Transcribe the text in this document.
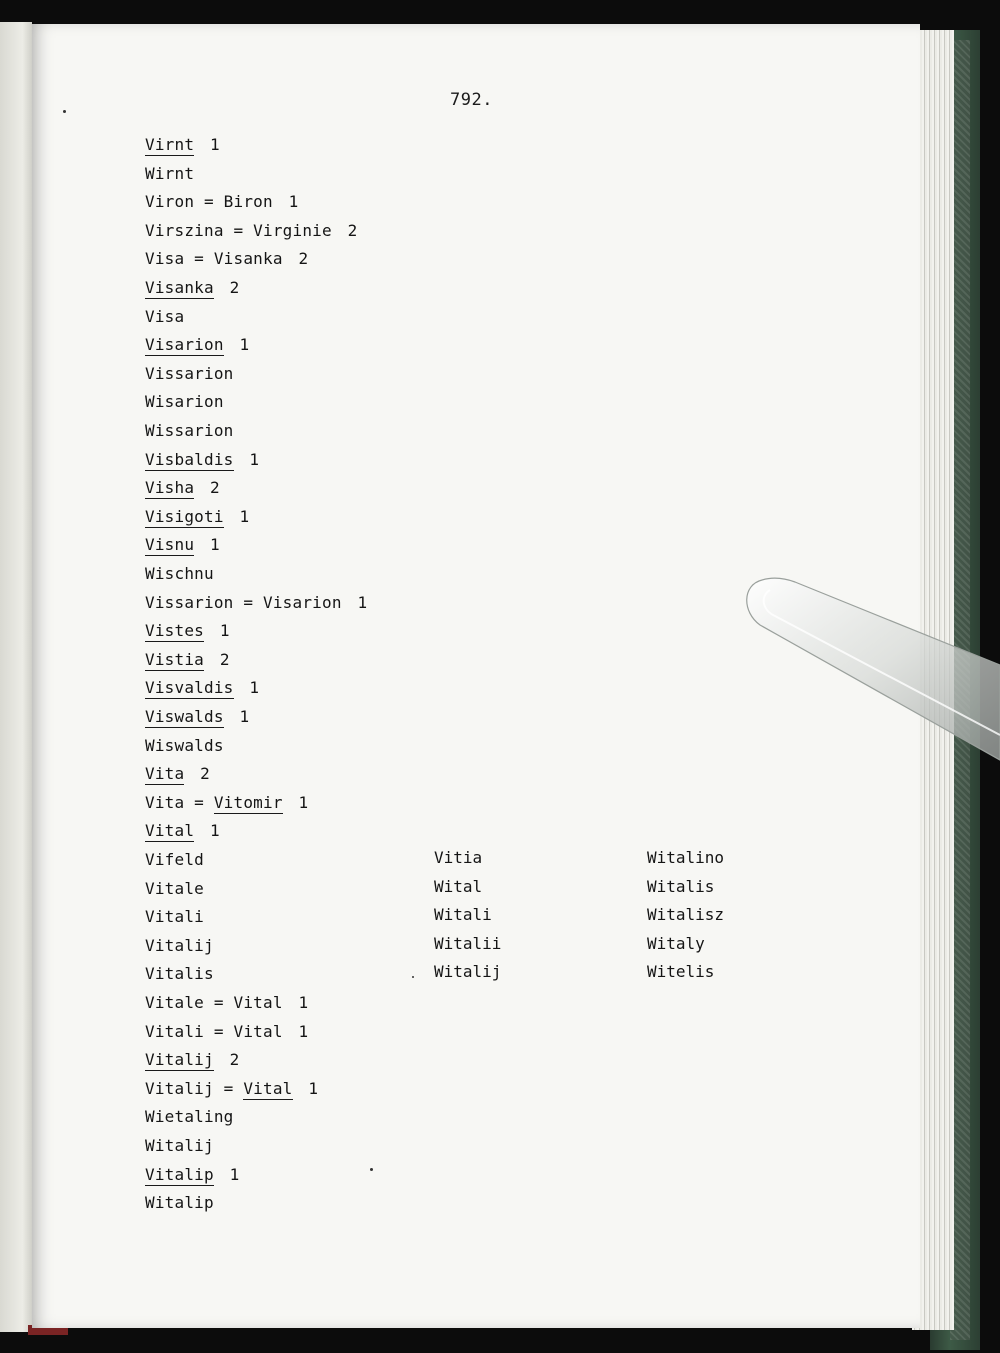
792.
Virnt 1
Wirnt
Viron = Biron 1
Virszina = Virginie 2
Visa = Visanka 2
Visanka 2
Visa
Visarion 1
Vissarion
Wisarion
Wissarion
Visbaldis 1
Visha 2
Visigoti 1
Visnu 1
Wischnu
Vissarion = Visarion 1
Vistes 1
Vistia 2
Visvaldis 1
Viswalds 1
Wiswalds
Vita 2
Vita = Vitomir 1
Vital 1
Vifeld
Vitale
Vitali
Vitalij
Vitalis
Vitale = Vital 1
Vitali = Vital 1
Vitalij 2
Vitalij = Vital 1
Wietaling
Witalij
Vitalip 1
Witalip
Vitia
Wital
Witali
Witalii
Witalij
Witalino
Witalis
Witalisz
Witaly
Witelis
